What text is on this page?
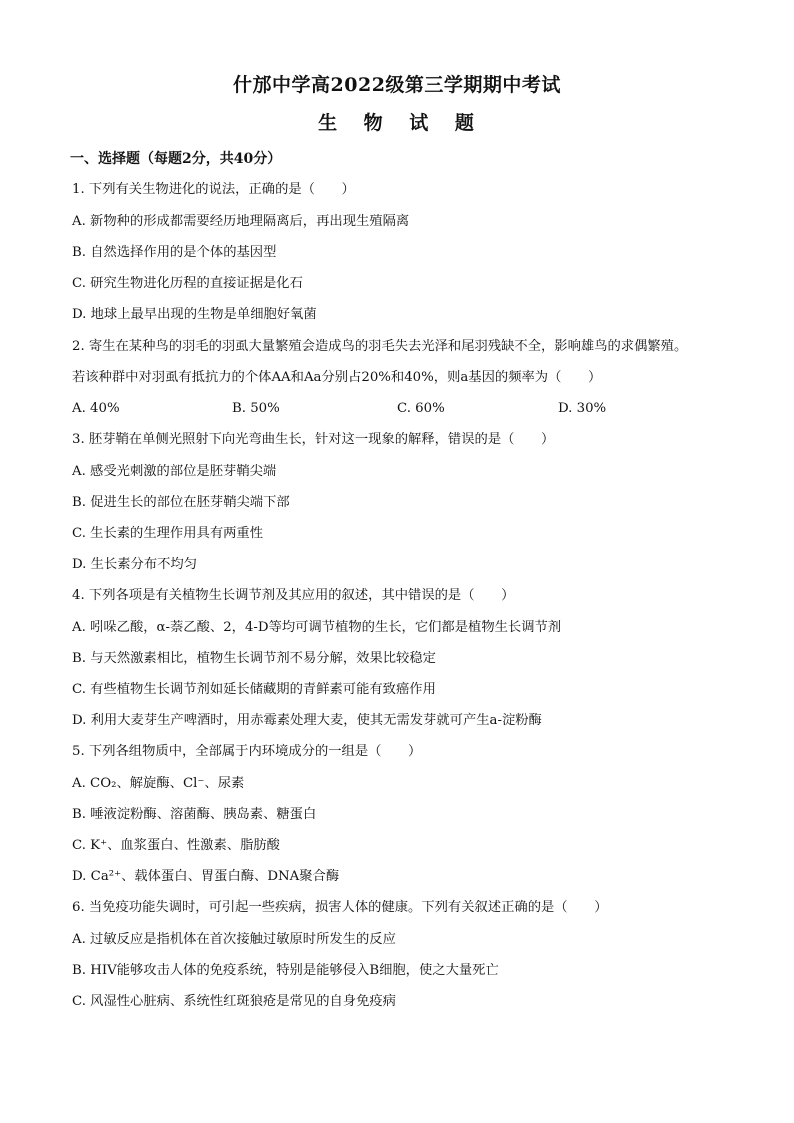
什邡中学高2022级第三学期期中考试
生 物 试 题
一、选择题（每题2分，共40分）
1. 下列有关生物进化的说法，正确的是（　　）
A. 新物种的形成都需要经历地理隔离后，再出现生殖隔离
B. 自然选择作用的是个体的基因型
C. 研究生物进化历程的直接证据是化石
D. 地球上最早出现的生物是单细胞好氧菌
2. 寄生在某种鸟的羽毛的羽虱大量繁殖会造成鸟的羽毛失去光泽和尾羽残缺不全，影响雄鸟的求偶繁殖。
若该种群中对羽虱有抵抗力的个体AA和Aa分别占20%和40%，则a基因的频率为（　　）
A. 40%	B. 50%	C. 60%	D. 30%
3. 胚芽鞘在单侧光照射下向光弯曲生长，针对这一现象的解释，错误的是（　　）
A. 感受光刺激的部位是胚芽鞘尖端
B. 促进生长的部位在胚芽鞘尖端下部
C. 生长素的生理作用具有两重性
D. 生长素分布不均匀
4. 下列各项是有关植物生长调节剂及其应用的叙述，其中错误的是（　　）
A. 吲哚乙酸，α-萘乙酸、2，4-D等均可调节植物的生长，它们都是植物生长调节剂
B. 与天然激素相比，植物生长调节剂不易分解，效果比较稳定
C. 有些植物生长调节剂如延长储藏期的青鲜素可能有致癌作用
D. 利用大麦芽生产啤酒时，用赤霉素处理大麦，使其无需发芽就可产生a-淀粉酶
5. 下列各组物质中，全部属于内环境成分的一组是（　　）
A. CO₂、解旋酶、Cl⁻、尿素
B. 唾液淀粉酶、溶菌酶、胰岛素、糖蛋白
C. K⁺、血浆蛋白、性激素、脂肪酸
D. Ca²⁺、载体蛋白、胃蛋白酶、DNA聚合酶
6. 当免疫功能失调时，可引起一些疾病，损害人体的健康。下列有关叙述正确的是（　　）
A. 过敏反应是指机体在首次接触过敏原时所发生的反应
B. HIV能够攻击人体的免疫系统，特别是能够侵入B细胞，使之大量死亡
C. 风湿性心脏病、系统性红斑狼疮是常见的自身免疫病
